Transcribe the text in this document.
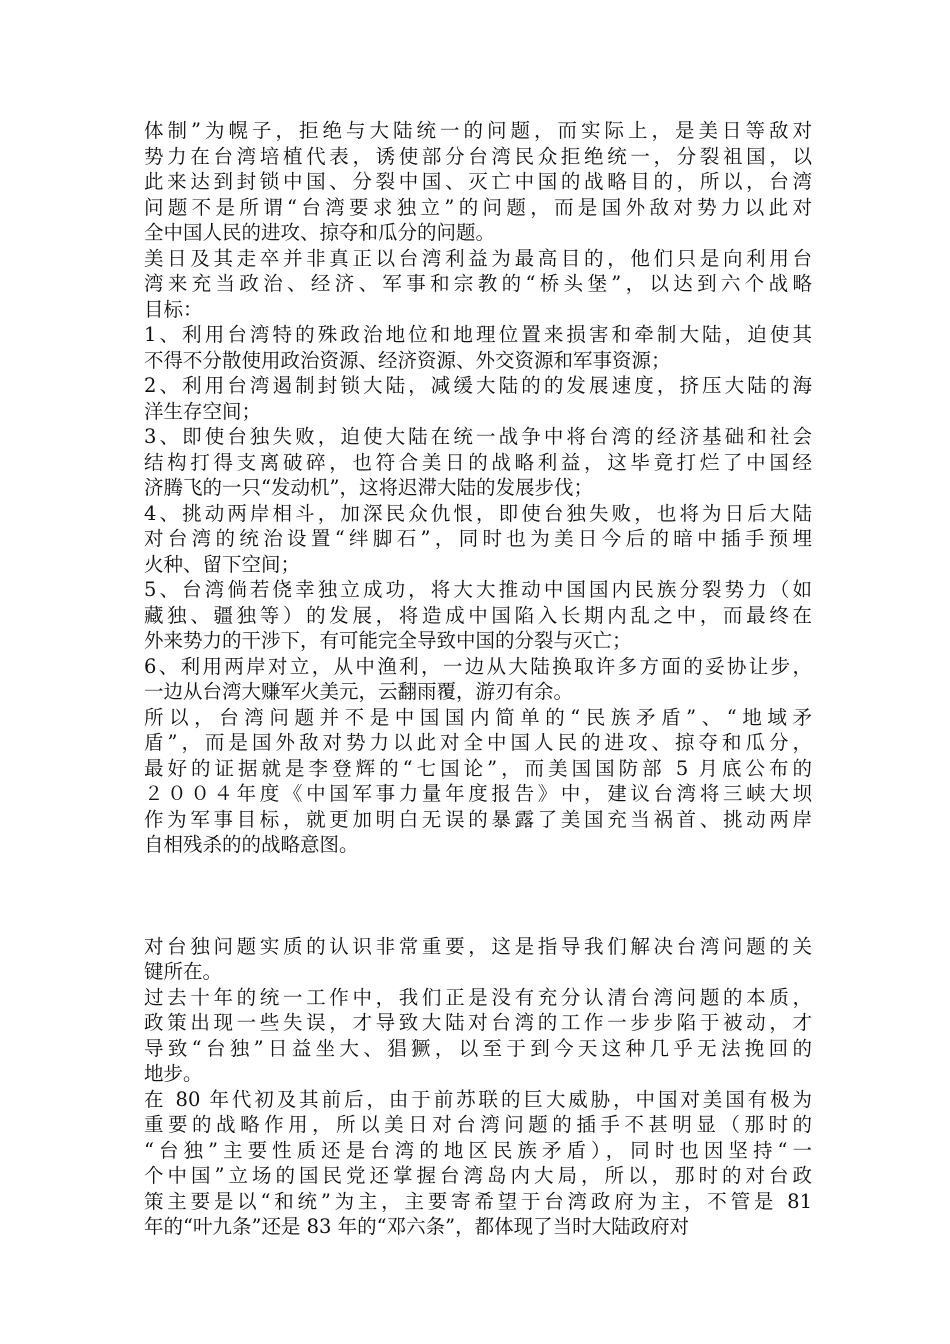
体制”为幌子，拒绝与大陆统一的问题，而实际上，是美日等敌对
势力在台湾培植代表，诱使部分台湾民众拒绝统一，分裂祖国，以
此来达到封锁中国、分裂中国、灭亡中国的战略目的，所以，台湾
问题不是所谓“台湾要求独立”的问题，而是国外敌对势力以此对
全中国人民的进攻、掠夺和瓜分的问题。
美日及其走卒并非真正以台湾利益为最高目的，他们只是向利用台
湾来充当政治、经济、军事和宗教的“桥头堡”，以达到六个战略
目标：
1、利用台湾特的殊政治地位和地理位置来损害和牵制大陆，迫使其
不得不分散使用政治资源、经济资源、外交资源和军事资源；
2、利用台湾遏制封锁大陆，减缓大陆的的发展速度，挤压大陆的海
洋生存空间；
3、即使台独失败，迫使大陆在统一战争中将台湾的经济基础和社会
结构打得支离破碎，也符合美日的战略利益，这毕竟打烂了中国经
济腾飞的一只“发动机”，这将迟滞大陆的发展步伐；
4、挑动两岸相斗，加深民众仇恨，即使台独失败，也将为日后大陆
对台湾的统治设置“绊脚石”，同时也为美日今后的暗中插手预埋
火种、留下空间；
5、台湾倘若侥幸独立成功，将大大推动中国国内民族分裂势力（如
藏独、疆独等）的发展，将造成中国陷入长期内乱之中，而最终在
外来势力的干涉下，有可能完全导致中国的分裂与灭亡；
6、利用两岸对立，从中渔利，一边从大陆换取许多方面的妥协让步，
一边从台湾大赚军火美元，云翻雨覆，游刃有余。
所以，台湾问题并不是中国国内简单的“民族矛盾”、“地域矛
盾”，而是国外敌对势力以此对全中国人民的进攻、掠夺和瓜分，
最好的证据就是李登辉的“七国论”，而美国国防部 5 月底公布的
２００４年度《中国军事力量年度报告》中，建议台湾将三峡大坝
作为军事目标，就更加明白无误的暴露了美国充当祸首、挑动两岸
自相残杀的的战略意图。
对台独问题实质的认识非常重要，这是指导我们解决台湾问题的关
键所在。
过去十年的统一工作中，我们正是没有充分认清台湾问题的本质，
政策出现一些失误，才导致大陆对台湾的工作一步步陷于被动，才
导致“台独”日益坐大、猖獗，以至于到今天这种几乎无法挽回的
地步。
在 80 年代初及其前后，由于前苏联的巨大威胁，中国对美国有极为
重要的战略作用，所以美日对台湾问题的插手不甚明显（那时的
“台独”主要性质还是台湾的地区民族矛盾），同时也因坚持“一
个中国”立场的国民党还掌握台湾岛内大局，所以，那时的对台政
策主要是以“和统”为主，主要寄希望于台湾政府为主，不管是 81
年的“叶九条”还是 83 年的“邓六条”，都体现了当时大陆政府对
